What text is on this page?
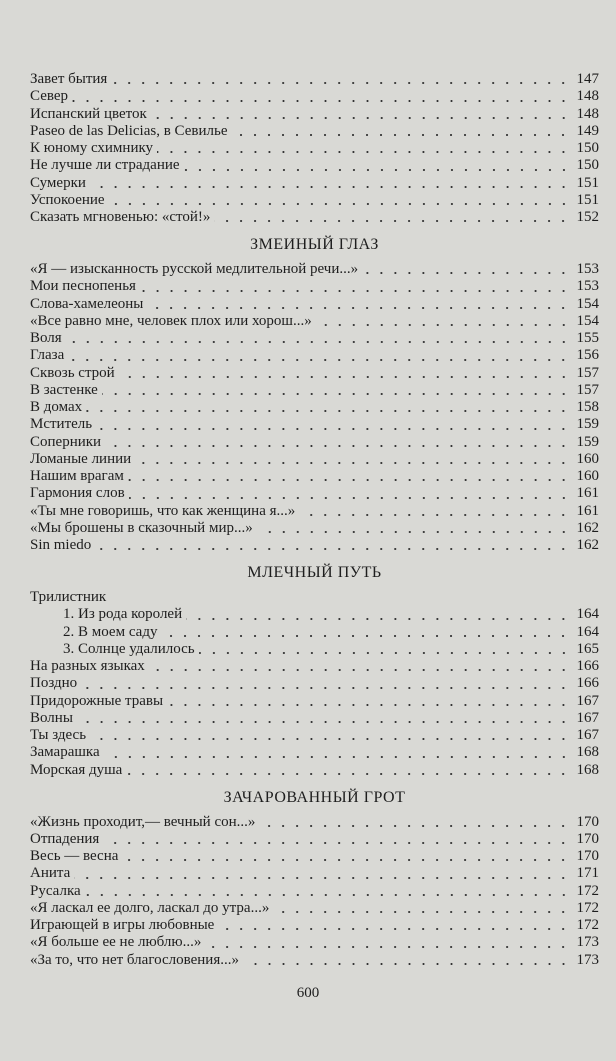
Завет бытия	147
Север	148
Испанский цветок	148
Paseo de las Delicias, в Севилье	149
К юному схимнику	150
Не лучше ли страдание	150
Сумерки	151
Успокоение	151
Сказать мгновенью: «стой!»	152
ЗМЕИНЫЙ ГЛАЗ
«Я — изысканность русской медлительной речи...»	153
Мои песнопенья	153
Слова-хамелеоны	154
«Все равно мне, человек плох или хорош...»	154
Воля	155
Глаза	156
Сквозь строй	157
В застенке	157
В домах	158
Мститель	159
Соперники	159
Ломаные линии	160
Нашим врагам	160
Гармония слов	161
«Ты мне говоришь, что как женщина я...»	161
«Мы брошены в сказочный мир...»	162
Sin miedo	162
МЛЕЧНЫЙ ПУТЬ
Трилистник
1. Из рода королей	164
2. В моем саду	164
3. Солнце удалилось	165
На разных языках	166
Поздно	166
Придорожные травы	167
Волны	167
Ты здесь	167
Замарашка	168
Морская душа	168
ЗАЧАРОВАННЫЙ ГРОТ
«Жизнь проходит,— вечный сон...»	170
Отпадения	170
Весь — весна	170
Анита	171
Русалка	172
«Я ласкал ее долго, ласкал до утра...»	172
Играющей в игры любовные	172
«Я больше ее не люблю...»	173
«За то, что нет благословения...»	173
600
